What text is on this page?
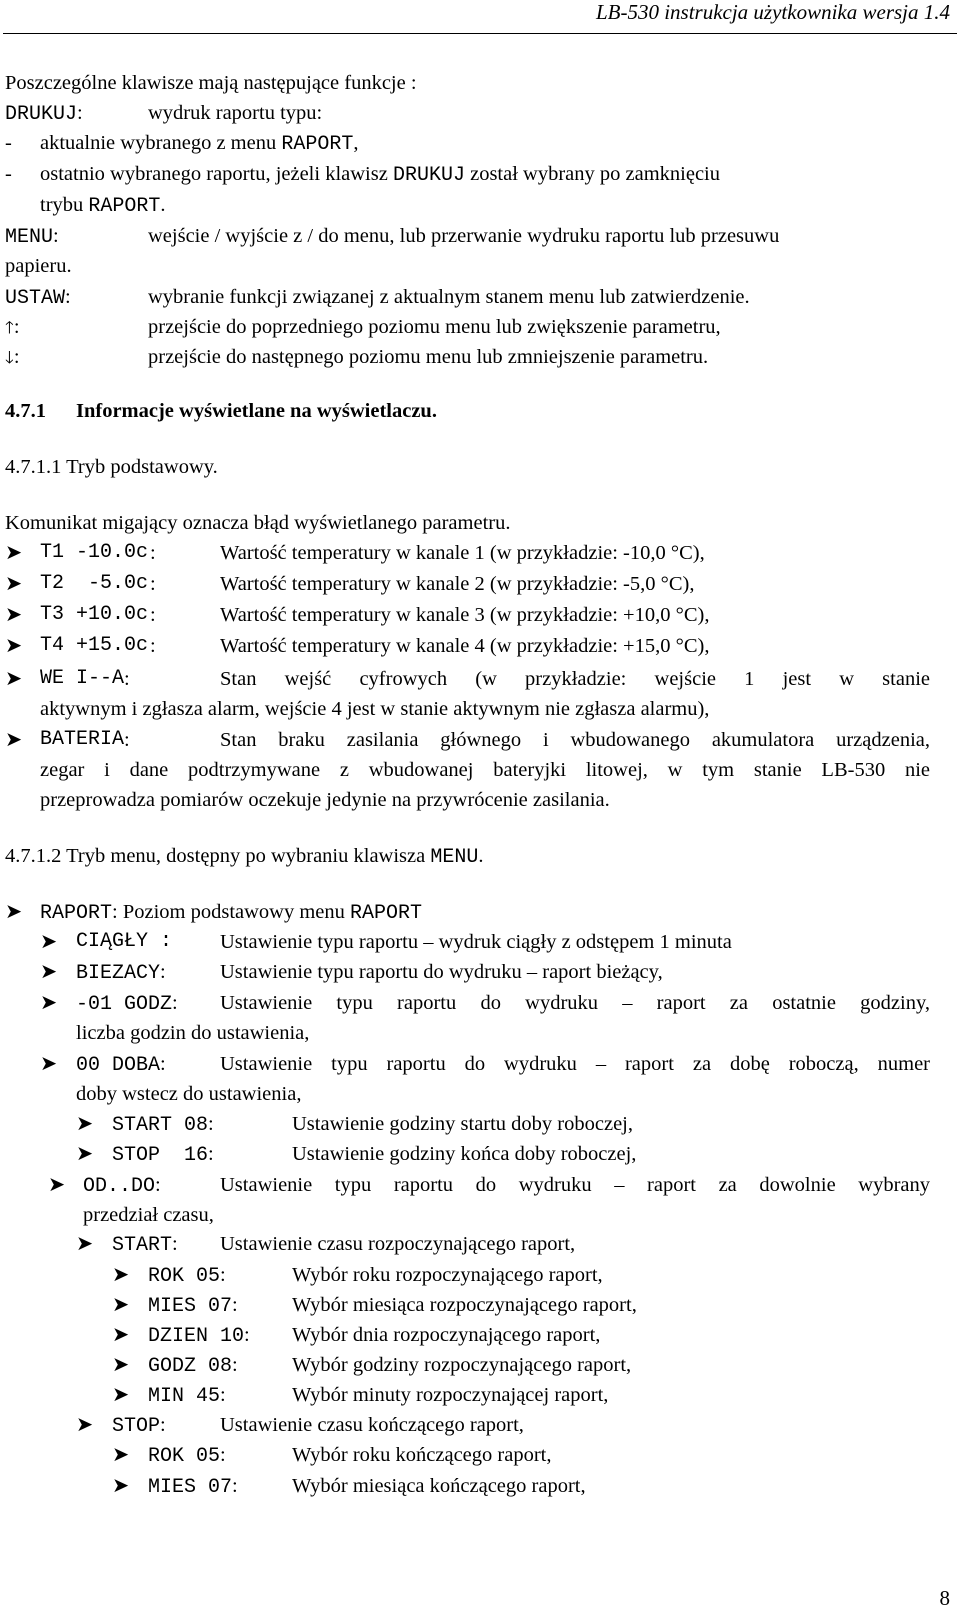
LB-530 instrukcja użytkownika wersja 1.4
Poszczególne klawisze mają następujące funkcje :
DRUKUJ:	wydruk raportu typu:
- aktualnie wybranego z menu RAPORT,
- ostatnio wybranego raportu, jeżeli klawisz DRUKUJ został wybrany po zamknięciu
trybu RAPORT.
MENU:	wejście / wyjście z / do menu, lub przerwanie wydruku raportu lub przesuwu
papieru.
USTAW:	wybranie funkcji związanej z aktualnym stanem menu lub zatwierdzenie.
🡑:	przejście do poprzedniego poziomu menu lub zwiększenie parametru,
🡓:	przejście do następnego poziomu menu lub zmniejszenie parametru.
4.7.1 Informacje wyświetlane na wyświetlaczu.
4.7.1.1 Tryb podstawowy.
Komunikat migający oznacza błąd wyświetlanego parametru.
➤ T1 -10.0c :	Wartość temperatury w kanale 1 (w przykładzie: -10,0 °C),
➤ T2  -5.0c :	Wartość temperatury w kanale 2 (w przykładzie: -5,0 °C),
➤ T3 +10.0c :	Wartość temperatury w kanale 3 (w przykładzie: +10,0 °C),
➤ T4 +15.0c :	Wartość temperatury w kanale 4 (w przykładzie: +15,0 °C),
➤ WE I--A :	Stan wejść cyfrowych (w przykładzie: wejście 1 jest w stanie
aktywnym i zgłasza alarm, wejście 4 jest w stanie aktywnym nie zgłasza alarmu),
➤ BATERIA :	Stan braku zasilania głównego i wbudowanego akumulatora urządzenia,
zegar i dane podtrzymywane z wbudowanej bateryjki litowej, w tym stanie LB-530 nie
przeprowadza pomiarów oczekuje jedynie na przywrócenie zasilania.
4.7.1.2 Tryb menu, dostępny po wybraniu klawisza MENU.
➤ RAPORT: Poziom podstawowy menu RAPORT
➤ CIĄGŁY : Ustawienie typu raportu – wydruk ciągły z odstępem 1 minuta
➤ BIEZACY:	Ustawienie typu raportu do wydruku – raport bieżący,
➤ -01 GODZ: Ustawienie typu raportu do wydruku – raport za ostatnie godziny,
liczba godzin do ustawienia,
➤ 00 DOBA:	Ustawienie typu raportu do wydruku – raport za dobę roboczą, numer
doby wstecz do ustawienia,
➤ START 08:	Ustawienie godziny startu doby roboczej,
➤ STOP  16:	Ustawienie godziny końca doby roboczej,
➤ OD..DO:	Ustawienie typu raportu do wydruku – raport za dowolnie wybrany
przedział czasu,
➤ START: Ustawienie czasu rozpoczynającego raport,
➤ ROK 05:	Wybór roku rozpoczynającego raport,
➤ MIES 07:	Wybór miesiąca rozpoczynającego raport,
➤ DZIEN 10: Wybór dnia rozpoczynającego raport,
➤ GODZ 08:	Wybór godziny rozpoczynającego raport,
➤ MIN 45:	Wybór minuty rozpoczynającej raport,
➤ STOP:	Ustawienie czasu kończącego raport,
➤ ROK 05:	Wybór roku kończącego raport,
➤ MIES 07:	Wybór miesiąca kończącego raport,
8
